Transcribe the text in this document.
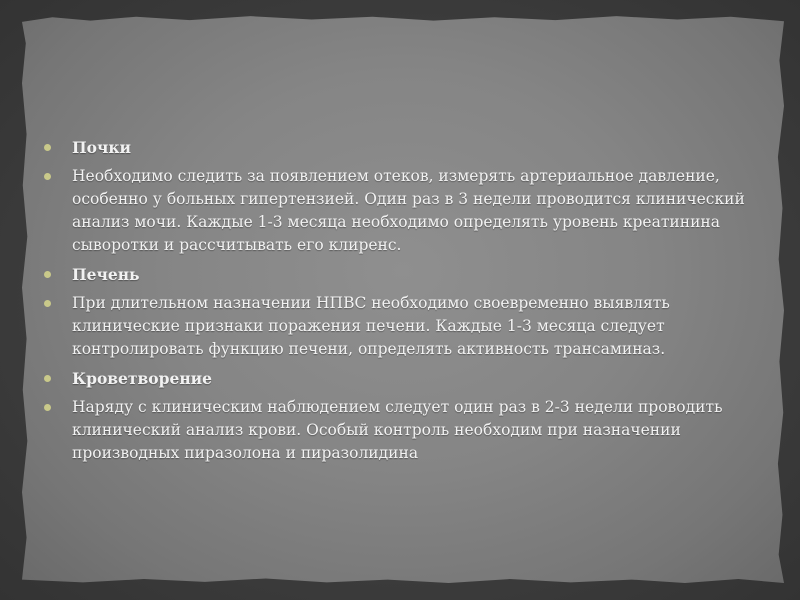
Почки
Необходимо следить за появлением отеков, измерять артериальное давление, особенно у больных гипертензией. Один раз в 3 недели проводится клинический анализ мочи. Каждые 1-3 месяца необходимо определять уровень креатинина сыворотки и рассчитывать его клиренс.
Печень
При длительном назначении НПВС необходимо своевременно выявлять клинические признаки поражения печени. Каждые 1-3 месяца следует контролировать функцию печени, определять активность трансаминаз.
Кроветворение
Наряду с клиническим наблюдением следует один раз в 2-3 недели проводить клинический анализ крови. Особый контроль необходим при назначении производных пиразолона и пиразолидина
